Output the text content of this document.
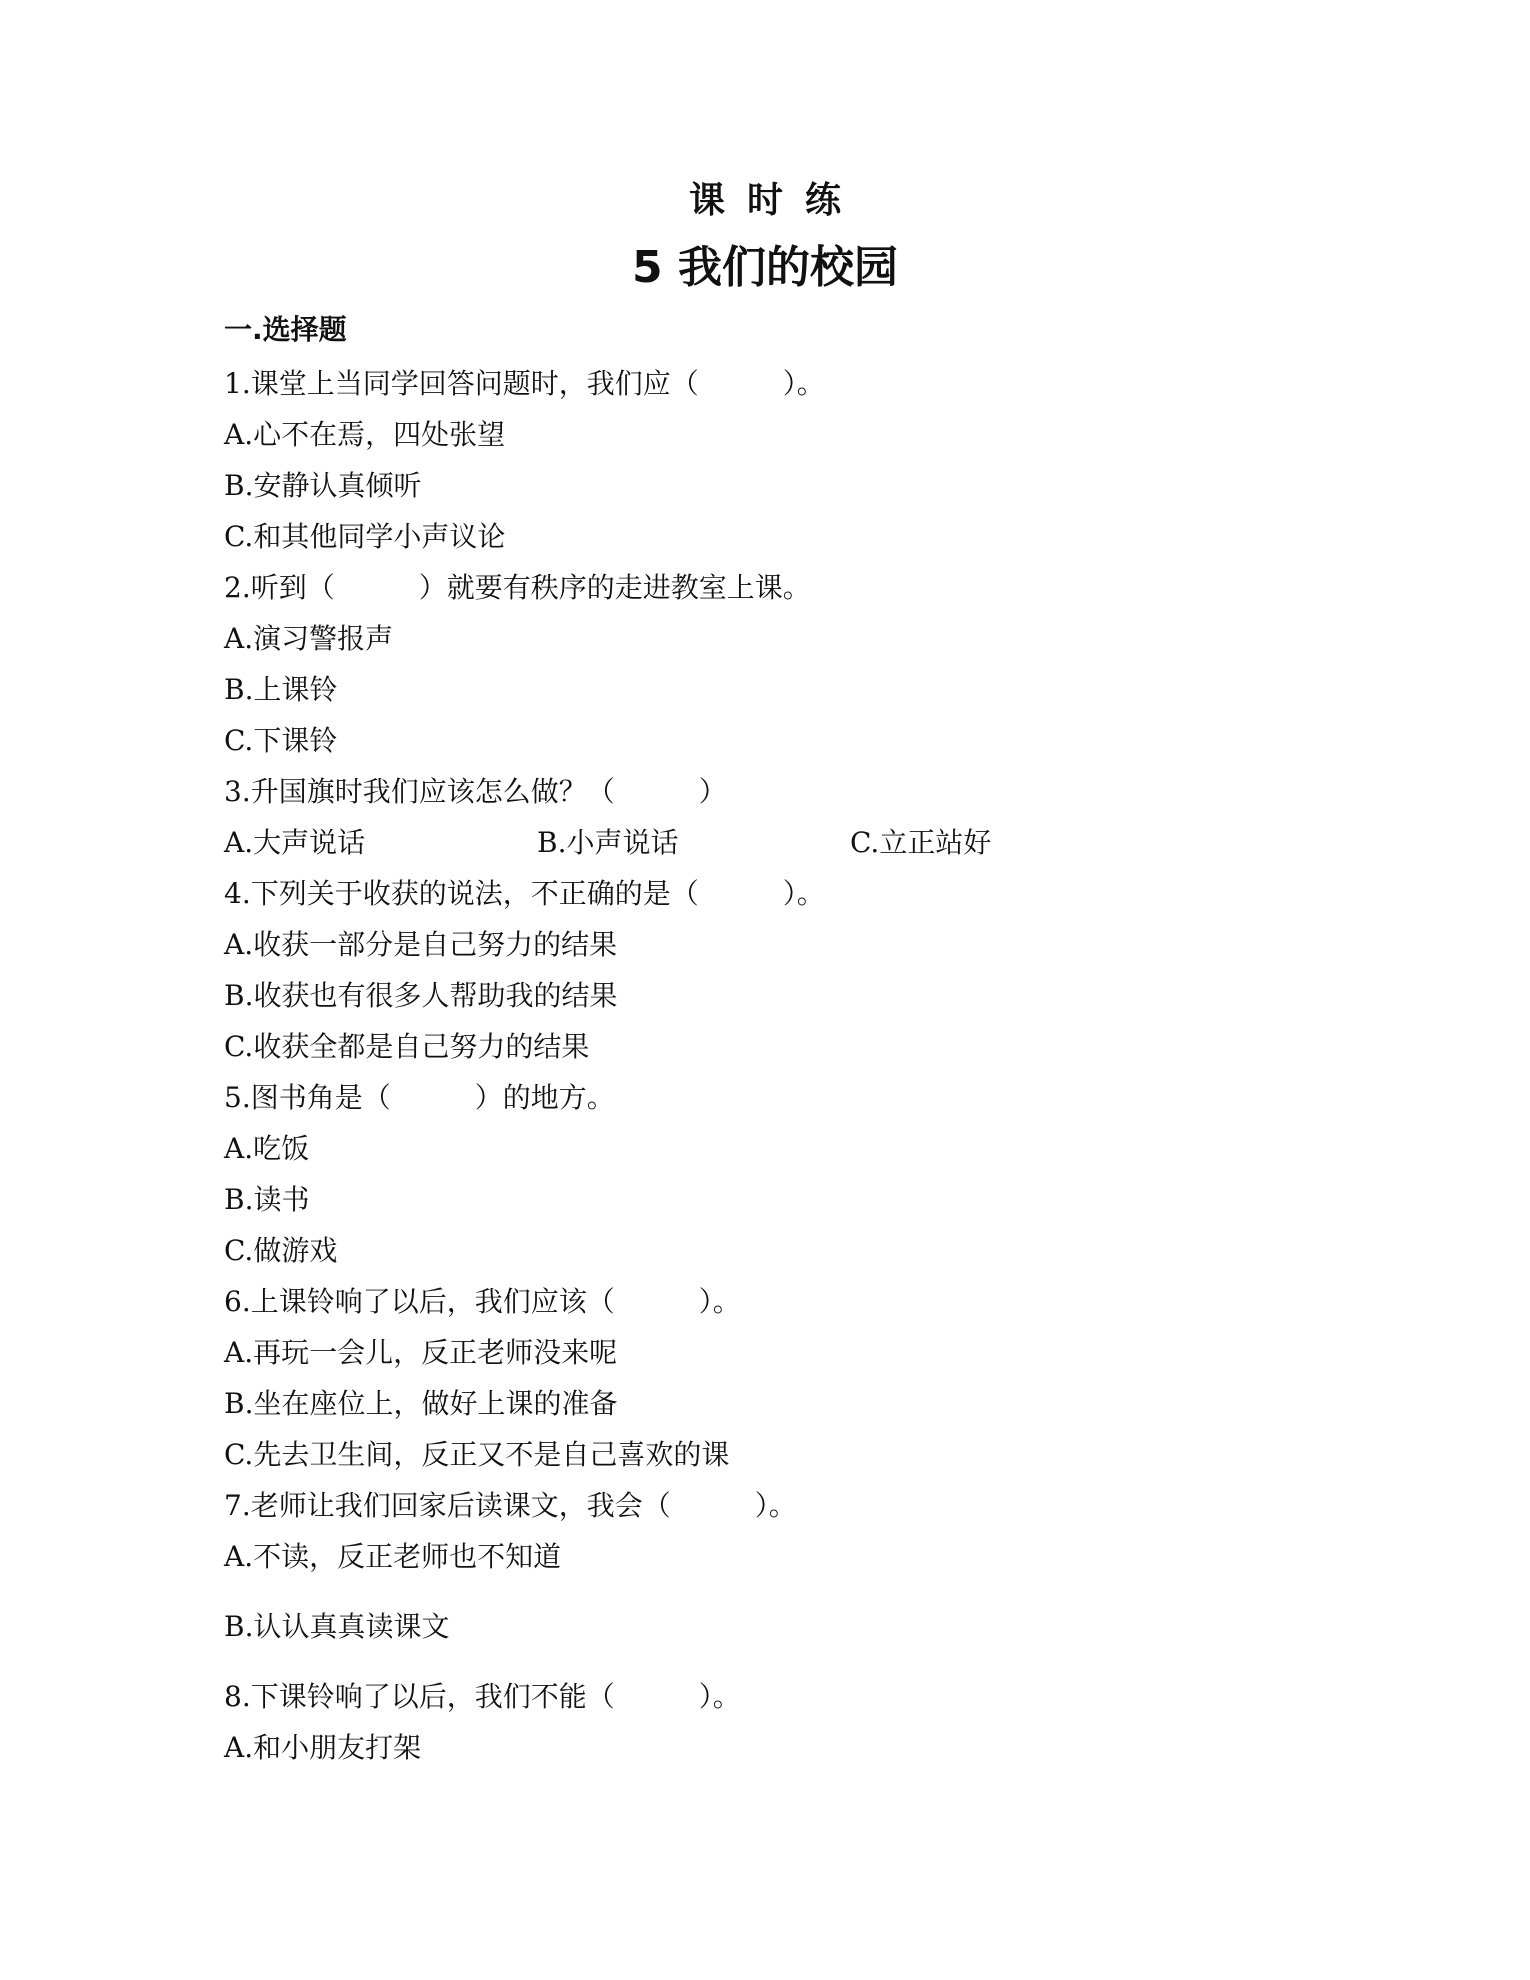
课时练
5 我们的校园
一.选择题
1.课堂上当同学回答问题时，我们应（　　　）。
A.心不在焉，四处张望
B.安静认真倾听
C.和其他同学小声议论
2.听到（　　　）就要有秩序的走进教室上课。
A.演习警报声
B.上课铃
C.下课铃
3.升国旗时我们应该怎么做？（　　　）
A.大声说话	B.小声说话	C.立正站好
4.下列关于收获的说法，不正确的是（　　　）。
A.收获一部分是自己努力的结果
B.收获也有很多人帮助我的结果
C.收获全都是自己努力的结果
5.图书角是（　　　）的地方。
A.吃饭
B.读书
C.做游戏
6.上课铃响了以后，我们应该（　　　）。
A.再玩一会儿，反正老师没来呢
B.坐在座位上，做好上课的准备
C.先去卫生间，反正又不是自己喜欢的课
7.老师让我们回家后读课文，我会（　　　）。
A.不读，反正老师也不知道
B.认认真真读课文
8.下课铃响了以后，我们不能（　　　）。
A.和小朋友打架
